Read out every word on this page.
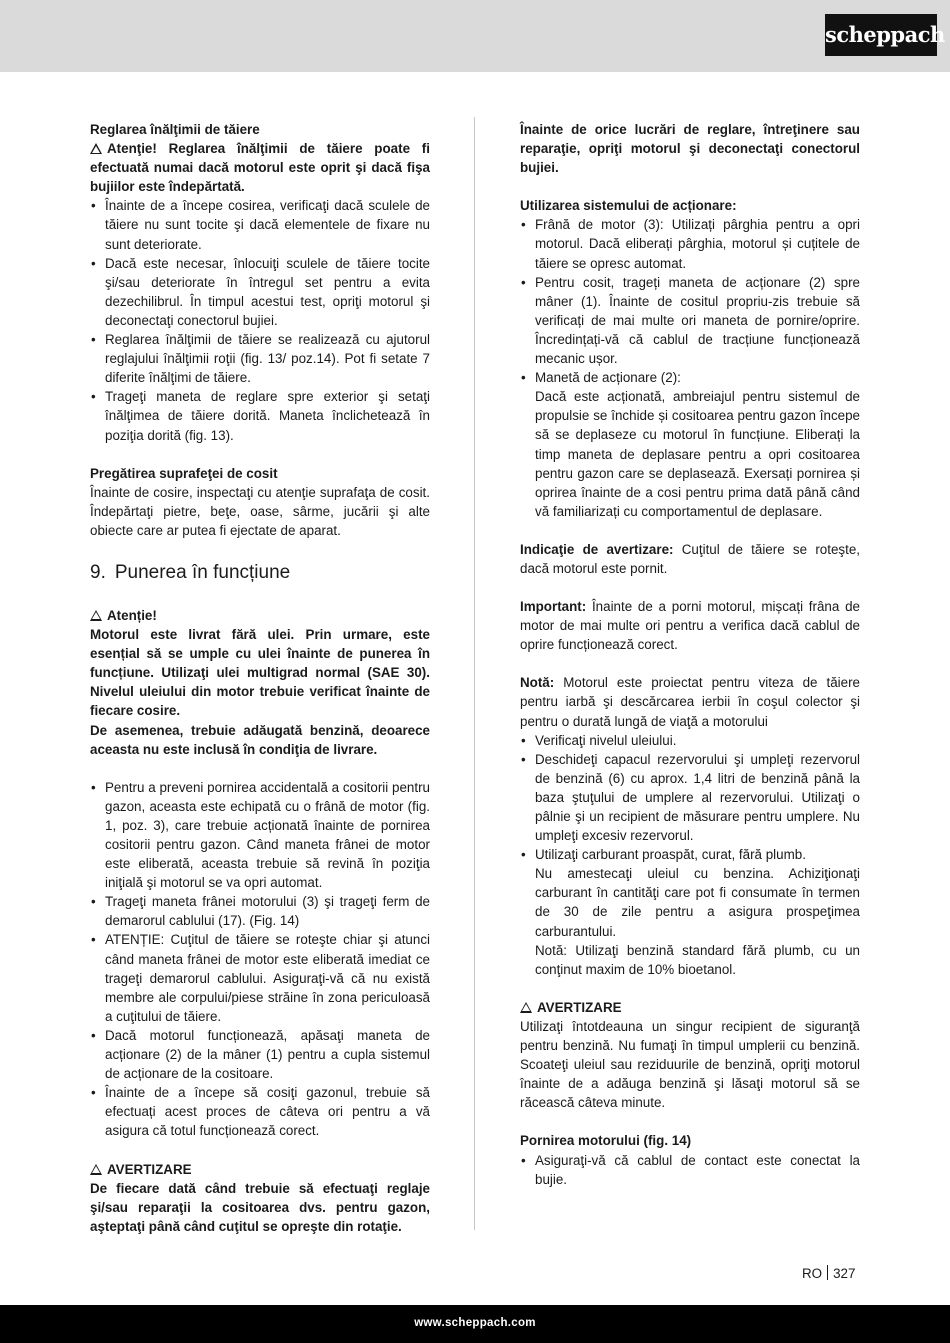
scheppach
Reglarea înălţimii de tăiere
Atenţie! Reglarea înălţimii de tăiere poate fi efectuată numai dacă motorul este oprit şi dacă fişa bujiilor este îndepărtată.
• Înainte de a începe cosirea, verificaţi dacă sculele de tăiere nu sunt tocite şi dacă elementele de fixare nu sunt deteriorate.
• Dacă este necesar, înlocuiţi sculele de tăiere tocite şi/sau deteriorate în întregul set pentru a evita dezechilibrul. În timpul acestui test, opriţi motorul şi deconectaţi conectorul bujiei.
• Reglarea înălţimii de tăiere se realizează cu ajutorul reglajului înălţimii roţii (fig. 13/ poz.14). Pot fi setate 7 diferite înălţimi de tăiere.
• Trageţi maneta de reglare spre exterior şi setaţi înălţimea de tăiere dorită. Maneta înclichetează în poziţia dorită (fig. 13).
Pregătirea suprafeţei de cosit
Înainte de cosire, inspectaţi cu atenţie suprafaţa de cosit. Îndepărtaţi pietre, beţe, oase, sârme, jucării şi alte obiecte care ar putea fi ejectate de aparat.
9. Punerea în funcțiune
Atenție!
Motorul este livrat fără ulei. Prin urmare, este esențial să se umple cu ulei înainte de punerea în funcțiune. Utilizaţi ulei multigrad normal (SAE 30). Nivelul uleiului din motor trebuie verificat înainte de fiecare cosire.
De asemenea, trebuie adăugată benzină, deoarece aceasta nu este inclusă în condiţia de livrare.
• Pentru a preveni pornirea accidentală a cositorii pentru gazon, aceasta este echipată cu o frână de motor (fig. 1, poz. 3), care trebuie acționată înainte de pornirea cositorii pentru gazon. Când maneta frânei de motor este eliberată, aceasta trebuie să revină în poziţia iniţială şi motorul se va opri automat.
• Trageţi maneta frânei motorului (3) şi trageţi ferm de demarorul cablului (17). (Fig. 14)
• ATENȚIE: Cuţitul de tăiere se roteşte chiar şi atunci când maneta frânei de motor este eliberată imediat ce trageţi demarorul cablului. Asiguraţi-vă că nu există membre ale corpului/piese străine în zona periculoasă a cuţitului de tăiere.
• Dacă motorul funcționează, apăsaţi maneta de acționare (2) de la mâner (1) pentru a cupla sistemul de acționare de la cositoare.
• Înainte de a începe să cosiţi gazonul, trebuie să efectuați acest proces de câteva ori pentru a vă asigura că totul funcționează corect.
AVERTIZARE
De fiecare dată când trebuie să efectuaţi reglaje şi/sau reparaţii la cositoarea dvs. pentru gazon, aşteptaţi până când cuţitul se opreşte din rotaţie.
Înainte de orice lucrări de reglare, întreţinere sau reparaţie, opriţi motorul şi deconectaţi conectorul bujiei.
Utilizarea sistemului de acționare:
• Frână de motor (3): Utilizați pârghia pentru a opri motorul. Dacă eliberați pârghia, motorul și cuțitele de tăiere se opresc automat.
• Pentru cosit, trageți maneta de acționare (2) spre mâner (1). Înainte de cositul propriu-zis trebuie să verificați de mai multe ori maneta de pornire/oprire. Încredințați-vă că cablul de tracțiune funcționează mecanic ușor.
• Manetă de acționare (2):
Dacă este acționată, ambreiajul pentru sistemul de propulsie se închide și cositoarea pentru gazon începe să se deplaseze cu motorul în funcțiune. Eliberați la timp maneta de deplasare pentru a opri cositoarea pentru gazon care se deplasează. Exersați pornirea și oprirea înainte de a cosi pentru prima dată până când vă familiarizați cu comportamentul de deplasare.
Indicaţie de avertizare: Cuţitul de tăiere se roteşte, dacă motorul este pornit.
Important: Înainte de a porni motorul, mișcați frâna de motor de mai multe ori pentru a verifica dacă cablul de oprire funcționează corect.
Notă: Motorul este proiectat pentru viteza de tăiere pentru iarbă şi descărcarea ierbii în coşul colector şi pentru o durată lungă de viaţă a motorului
• Verificaţi nivelul uleiului.
• Deschideţi capacul rezervorului şi umpleţi rezervorul de benzină (6) cu aprox. 1,4 litri de benzină până la baza ştuţului de umplere al rezervorului. Utilizaţi o pâlnie şi un recipient de măsurare pentru umplere. Nu umpleţi excesiv rezervorul.
• Utilizaţi carburant proaspăt, curat, fără plumb.
Nu amestecaţi uleiul cu benzina. Achiziţionaţi carburant în cantităţi care pot fi consumate în termen de 30 de zile pentru a asigura prospeţimea carburantului.
Notă: Utilizaţi benzină standard fără plumb, cu un conţinut maxim de 10% bioetanol.
AVERTIZARE
Utilizaţi întotdeauna un singur recipient de siguranţă pentru benzină. Nu fumaţi în timpul umplerii cu benzină. Scoateţi uleiul sau reziduurile de benzină, opriţi motorul înainte de a adăuga benzină şi lăsaţi motorul să se răcească câteva minute.
Pornirea motorului (fig. 14)
• Asiguraţi-vă că cablul de contact este conectat la bujie.
RO 327
www.scheppach.com
